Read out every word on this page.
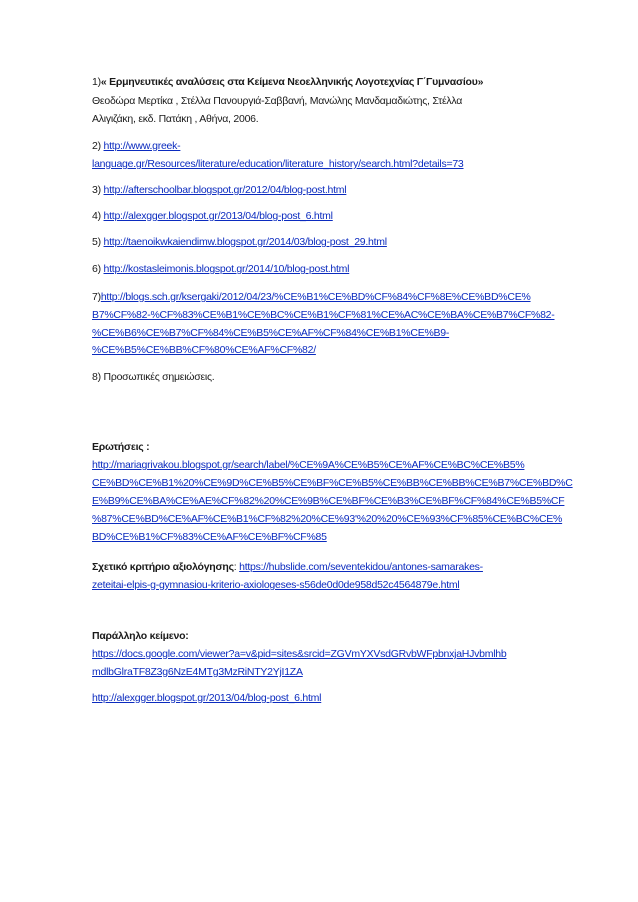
1)« Ερμηνευτικές αναλύσεις στα Κείμενα Νεοελληνικής Λογοτεχνίας Γ΄Γυμνασίου»
Θεοδώρα Μερτίκα , Στέλλα Πανουργιά-Σαββανή, Μανώλης Μανδαμαδιώτης, Στέλλα
Αλιγιζάκη, εκδ. Πατάκη , Αθήνα, 2006.
2) http://www.greek-
language.gr/Resources/literature/education/literature_history/search.html?details=73
3) http://afterschoolbar.blogspot.gr/2012/04/blog-post.html
4) http://alexgger.blogspot.gr/2013/04/blog-post_6.html
5) http://taenoikwkaiendimw.blogspot.gr/2014/03/blog-post_29.html
6) http://kostasleimonis.blogspot.gr/2014/10/blog-post.html
7)http://blogs.sch.gr/ksergaki/2012/04/23/%CE%B1%CE%BD%CF%84%CF%8E%CE%BD%CE%
B7%CF%82-%CF%83%CE%B1%CE%BC%CE%B1%CF%81%CE%AC%CE%BA%CE%B7%CF%82-
%CE%B6%CE%B7%CF%84%CE%B5%CE%AF%CF%84%CE%B1%CE%B9-
%CE%B5%CE%BB%CF%80%CE%AF%CF%82/
8) Προσωπικές σημειώσεις.
Ερωτήσεις :
http://mariagrivakou.blogspot.gr/search/label/%CE%9A%CE%B5%CE%AF%CE%BC%CE%B5%
CE%BD%CE%B1%20%CE%9D%CE%B5%CE%BF%CE%B5%CE%BB%CE%BB%CE%B7%CE%BD%C
E%B9%CE%BA%CE%AE%CF%82%20%CE%9B%CE%BF%CE%B3%CE%BF%CF%84%CE%B5%CF
%87%CE%BD%CE%AF%CE%B1%CF%82%20%CE%93'%20%20%CE%93%CF%85%CE%BC%CE%
BD%CE%B1%CF%83%CE%AF%CE%BF%CF%85
Σχετικό κριτήριο αξιολόγησης: https://hubslide.com/seventekidou/antones-samarakes-
zeteitai-elpis-g-gymnasiou-kriterio-axiologeses-s56de0d0de958d52c4564879e.html
Παράλληλο κείμενο:
https://docs.google.com/viewer?a=v&pid=sites&srcid=ZGVmYXVsdGRvbWFpbnxjaHJvbmlhb
mdlbGlraTF8Z3g6NzE4MTg3MzRiNTY2YjI1ZA
http://alexgger.blogspot.gr/2013/04/blog-post_6.html
